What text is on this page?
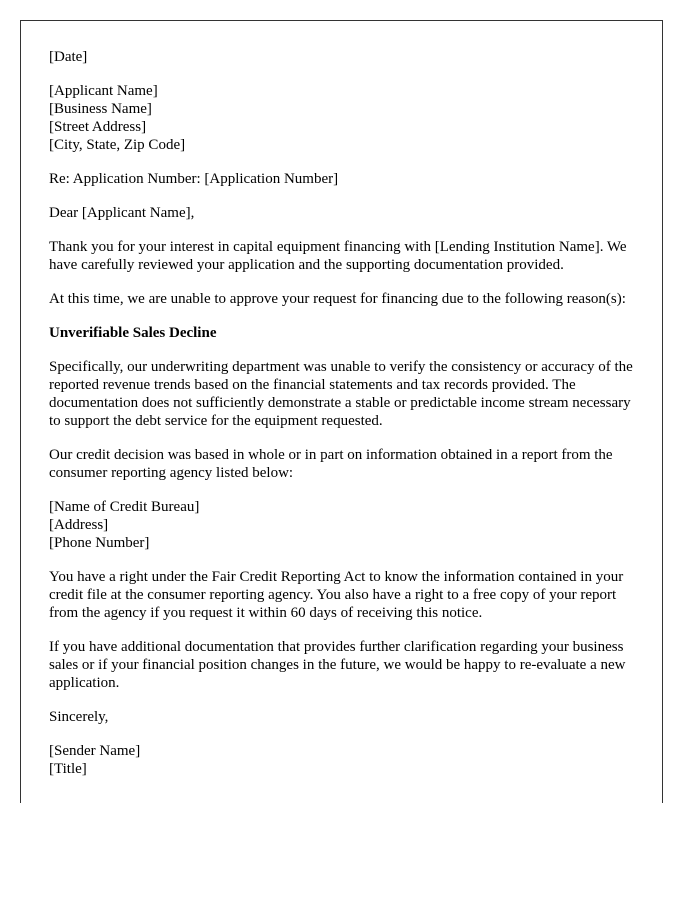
[Date]

[Applicant Name]
[Business Name]
[Street Address]
[City, State, Zip Code]

Re: Application Number: [Application Number]

Dear [Applicant Name],

Thank you for your interest in capital equipment financing with [Lending Institution Name]. We have carefully reviewed your application and the supporting documentation provided.

At this time, we are unable to approve your request for financing due to the following reason(s):

Unverifiable Sales Decline

Specifically, our underwriting department was unable to verify the consistency or accuracy of the reported revenue trends based on the financial statements and tax records provided. The documentation does not sufficiently demonstrate a stable or predictable income stream necessary to support the debt service for the equipment requested.

Our credit decision was based in whole or in part on information obtained in a report from the consumer reporting agency listed below:

[Name of Credit Bureau]
[Address]
[Phone Number]

You have a right under the Fair Credit Reporting Act to know the information contained in your credit file at the consumer reporting agency. You also have a right to a free copy of your report from the agency if you request it within 60 days of receiving this notice.

If you have additional documentation that provides further clarification regarding your business sales or if your financial position changes in the future, we would be happy to re-evaluate a new application.

Sincerely,

[Sender Name]
[Title]
